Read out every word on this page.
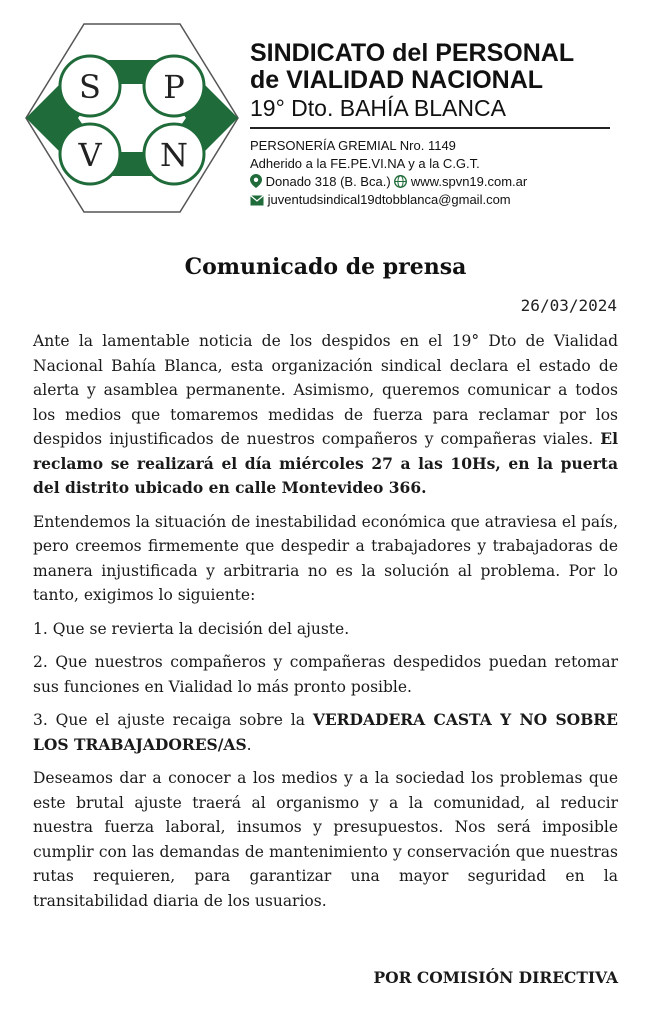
S P
V N
SINDICATO del PERSONAL
de VIALIDAD NACIONAL
19° Dto. BAHÍA BLANCA
PERSONERÍA GREMIAL Nro. 1149
Adherido a la FE.PE.VI.NA y a la C.G.T.
Donado 318 (B. Bca.) www.spvn19.com.ar
juventudsindical19dtobblanca@gmail.com
Comunicado de prensa
26/03/2024

Ante la lamentable noticia de los despidos en el 19° Dto de Vialidad Nacional Bahía Blanca, esta organización sindical declara el estado de alerta y asamblea permanente. Asimismo, queremos comunicar a todos los medios que tomaremos medidas de fuerza para reclamar por los despidos injustificados de nuestros compañeros y compañeras viales. El reclamo se realizará el día miércoles 27 a las 10Hs, en la puerta del distrito ubicado en calle Montevideo 366.

Entendemos la situación de inestabilidad económica que atraviesa el país, pero creemos firmemente que despedir a trabajadores y trabajadoras de manera injustificada y arbitraria no es la solución al problema. Por lo tanto, exigimos lo siguiente:

1. Que se revierta la decisión del ajuste.

2. Que nuestros compañeros y compañeras despedidos puedan retomar sus funciones en Vialidad lo más pronto posible.

3. Que el ajuste recaiga sobre la VERDADERA CASTA Y NO SOBRE LOS TRABAJADORES/AS.

Deseamos dar a conocer a los medios y a la sociedad los problemas que este brutal ajuste traerá al organismo y a la comunidad, al reducir nuestra fuerza laboral, insumos y presupuestos. Nos será imposible cumplir con las demandas de mantenimiento y conservación que nuestras rutas requieren, para garantizar una mayor seguridad en la transitabilidad diaria de los usuarios.

POR COMISIÓN DIRECTIVA
